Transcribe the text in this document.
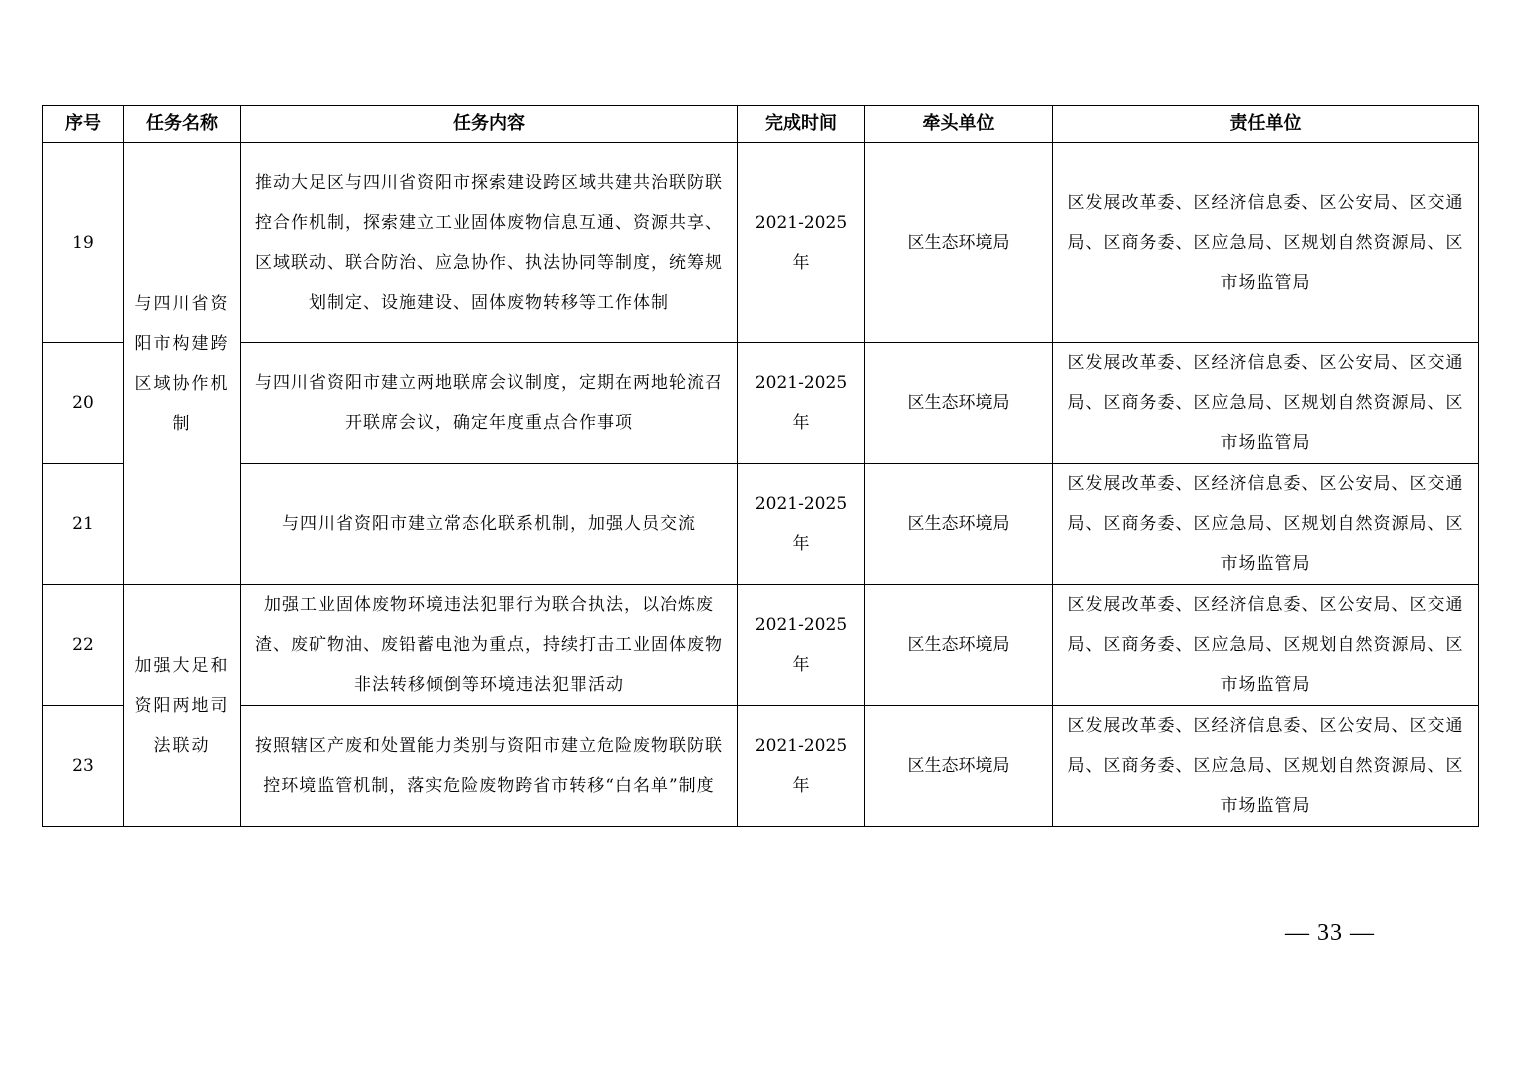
序号	任务名称	任务内容	完成时间	牵头单位	责任单位
19	与四川省资阳市构建跨区域协作机制	推动大足区与四川省资阳市探索建设跨区域共建共治联防联控合作机制，探索建立工业固体废物信息互通、资源共享、区域联动、联合防治、应急协作、执法协同等制度，统筹规划制定、设施建设、固体废物转移等工作体制	2021-2025 年	区生态环境局	区发展改革委、区经济信息委、区公安局、区交通局、区商务委、区应急局、区规划自然资源局、区市场监管局
20		与四川省资阳市建立两地联席会议制度，定期在两地轮流召开联席会议，确定年度重点合作事项	2021-2025 年	区生态环境局	区发展改革委、区经济信息委、区公安局、区交通局、区商务委、区应急局、区规划自然资源局、区市场监管局
21		与四川省资阳市建立常态化联系机制，加强人员交流	2021-2025 年	区生态环境局	区发展改革委、区经济信息委、区公安局、区交通局、区商务委、区应急局、区规划自然资源局、区市场监管局
22	加强大足和资阳两地司法联动	加强工业固体废物环境违法犯罪行为联合执法，以冶炼废渣、废矿物油、废铅蓄电池为重点，持续打击工业固体废物非法转移倾倒等环境违法犯罪活动	2021-2025 年	区生态环境局	区发展改革委、区经济信息委、区公安局、区交通局、区商务委、区应急局、区规划自然资源局、区市场监管局
23		按照辖区产废和处置能力类别与资阳市建立危险废物联防联控环境监管机制，落实危险废物跨省市转移“白名单”制度	2021-2025 年	区生态环境局	区发展改革委、区经济信息委、区公安局、区交通局、区商务委、区应急局、区规划自然资源局、区市场监管局
— 33 —
